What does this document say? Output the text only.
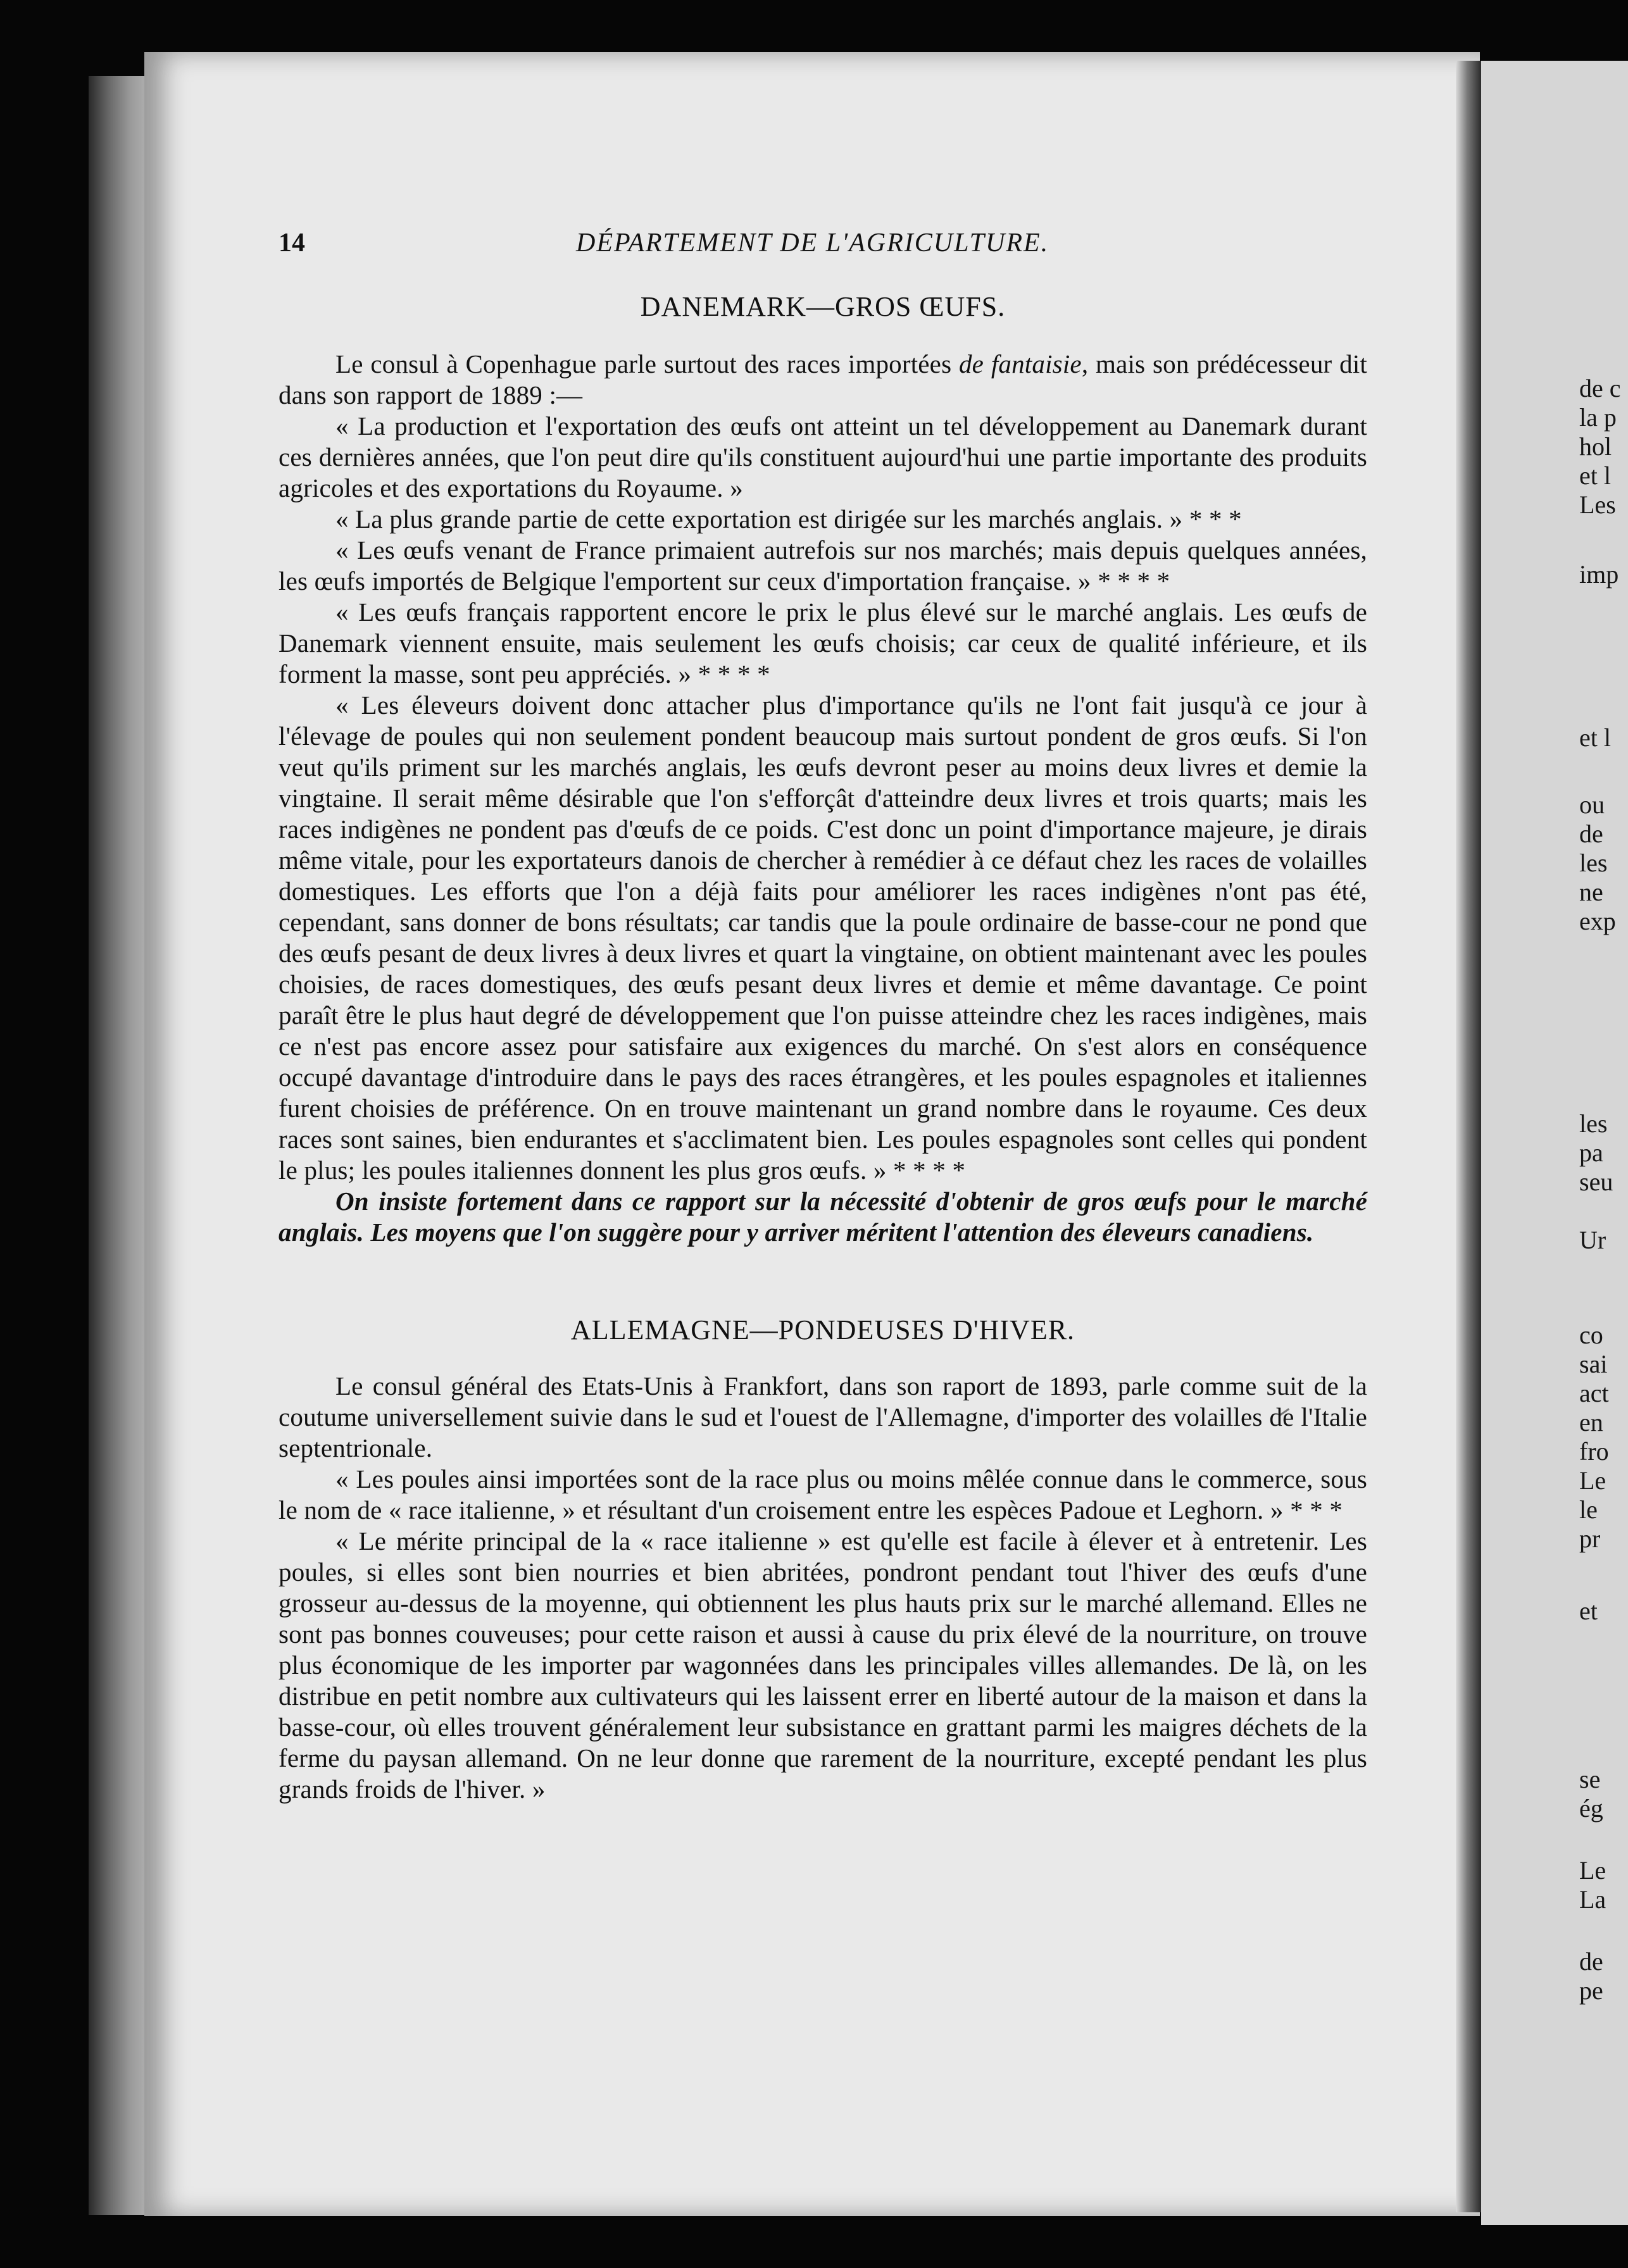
de c
la p
hol
et l
Les
imp
et l
ou
de
les
ne
exp
les
pa
seu
Ur
co
sai
act
en
fro
Le
le
pr
et
se
ég
Le
La
de
pe
14	DÉPARTEMENT DE L'AGRICULTURE.
DANEMARK—GROS ŒUFS.

Le consul à Copenhague parle surtout des races importées de fantaisie, mais son prédécesseur dit dans son rapport de 1889 :—

« La production et l'exportation des œufs ont atteint un tel développement au Danemark durant ces dernières années, que l'on peut dire qu'ils constituent aujourd'hui une partie importante des produits agricoles et des exportations du Royaume. »

« La plus grande partie de cette exportation est dirigée sur les marchés anglais. » * * *

« Les œufs venant de France primaient autrefois sur nos marchés; mais depuis quelques années, les œufs importés de Belgique l'emportent sur ceux d'importation française. » * * * *

« Les œufs français rapportent encore le prix le plus élevé sur le marché anglais. Les œufs de Danemark viennent ensuite, mais seulement les œufs choisis; car ceux de qualité inférieure, et ils forment la masse, sont peu appréciés. » * * * *

« Les éleveurs doivent donc attacher plus d'importance qu'ils ne l'ont fait jusqu'à ce jour à l'élevage de poules qui non seulement pondent beaucoup mais surtout pondent de gros œufs. Si l'on veut qu'ils priment sur les marchés anglais, les œufs devront peser au moins deux livres et demie la vingtaine. Il serait même désirable que l'on s'efforçât d'atteindre deux livres et trois quarts; mais les races indigènes ne pondent pas d'œufs de ce poids. C'est donc un point d'importance majeure, je dirais même vitale, pour les exportateurs danois de chercher à remédier à ce défaut chez les races de volailles domestiques. Les efforts que l'on a déjà faits pour améliorer les races indigènes n'ont pas été, cependant, sans donner de bons résultats; car tandis que la poule ordinaire de basse-cour ne pond que des œufs pesant de deux livres à deux livres et quart la vingtaine, on obtient maintenant avec les poules choisies, de races domestiques, des œufs pesant deux livres et demie et même davantage. Ce point paraît être le plus haut degré de développement que l'on puisse atteindre chez les races indigènes, mais ce n'est pas encore assez pour satisfaire aux exigences du marché. On s'est alors en conséquence occupé davantage d'introduire dans le pays des races étrangères, et les poules espagnoles et italiennes furent choisies de préférence. On en trouve maintenant un grand nombre dans le royaume. Ces deux races sont saines, bien endurantes et s'acclimatent bien. Les poules espagnoles sont celles qui pondent le plus; les poules italiennes donnent les plus gros œufs. » * * * *

On insiste fortement dans ce rapport sur la nécessité d'obtenir de gros œufs pour le marché anglais. Les moyens que l'on suggère pour y arriver méritent l'attention des éleveurs canadiens.

ALLEMAGNE—PONDEUSES D'HIVER.

Le consul général des Etats-Unis à Frankfort, dans son raport de 1893, parle comme suit de la coutume universellement suivie dans le sud et l'ouest de l'Allemagne, d'importer des volailles de l'Italie septentrionale.

« Les poules ainsi importées sont de la race plus ou moins mêlée connue dans le commerce, sous le nom de « race italienne, » et résultant d'un croisement entre les espèces Padoue et Leghorn. » * * *

« Le mérite principal de la « race italienne » est qu'elle est facile à élever et à entretenir. Les poules, si elles sont bien nourries et bien abritées, pondront pendant tout l'hiver des œufs d'une grosseur au-dessus de la moyenne, qui obtiennent les plus hauts prix sur le marché allemand. Elles ne sont pas bonnes couveuses; pour cette raison et aussi à cause du prix élevé de la nourriture, on trouve plus économique de les importer par wagonnées dans les principales villes allemandes. De là, on les distribue en petit nombre aux cultivateurs qui les laissent errer en liberté autour de la maison et dans la basse-cour, où elles trouvent généralement leur subsistance en grattant parmi les maigres déchets de la ferme du paysan allemand. On ne leur donne que rarement de la nourriture, excepté pendant les plus grands froids de l'hiver. »
